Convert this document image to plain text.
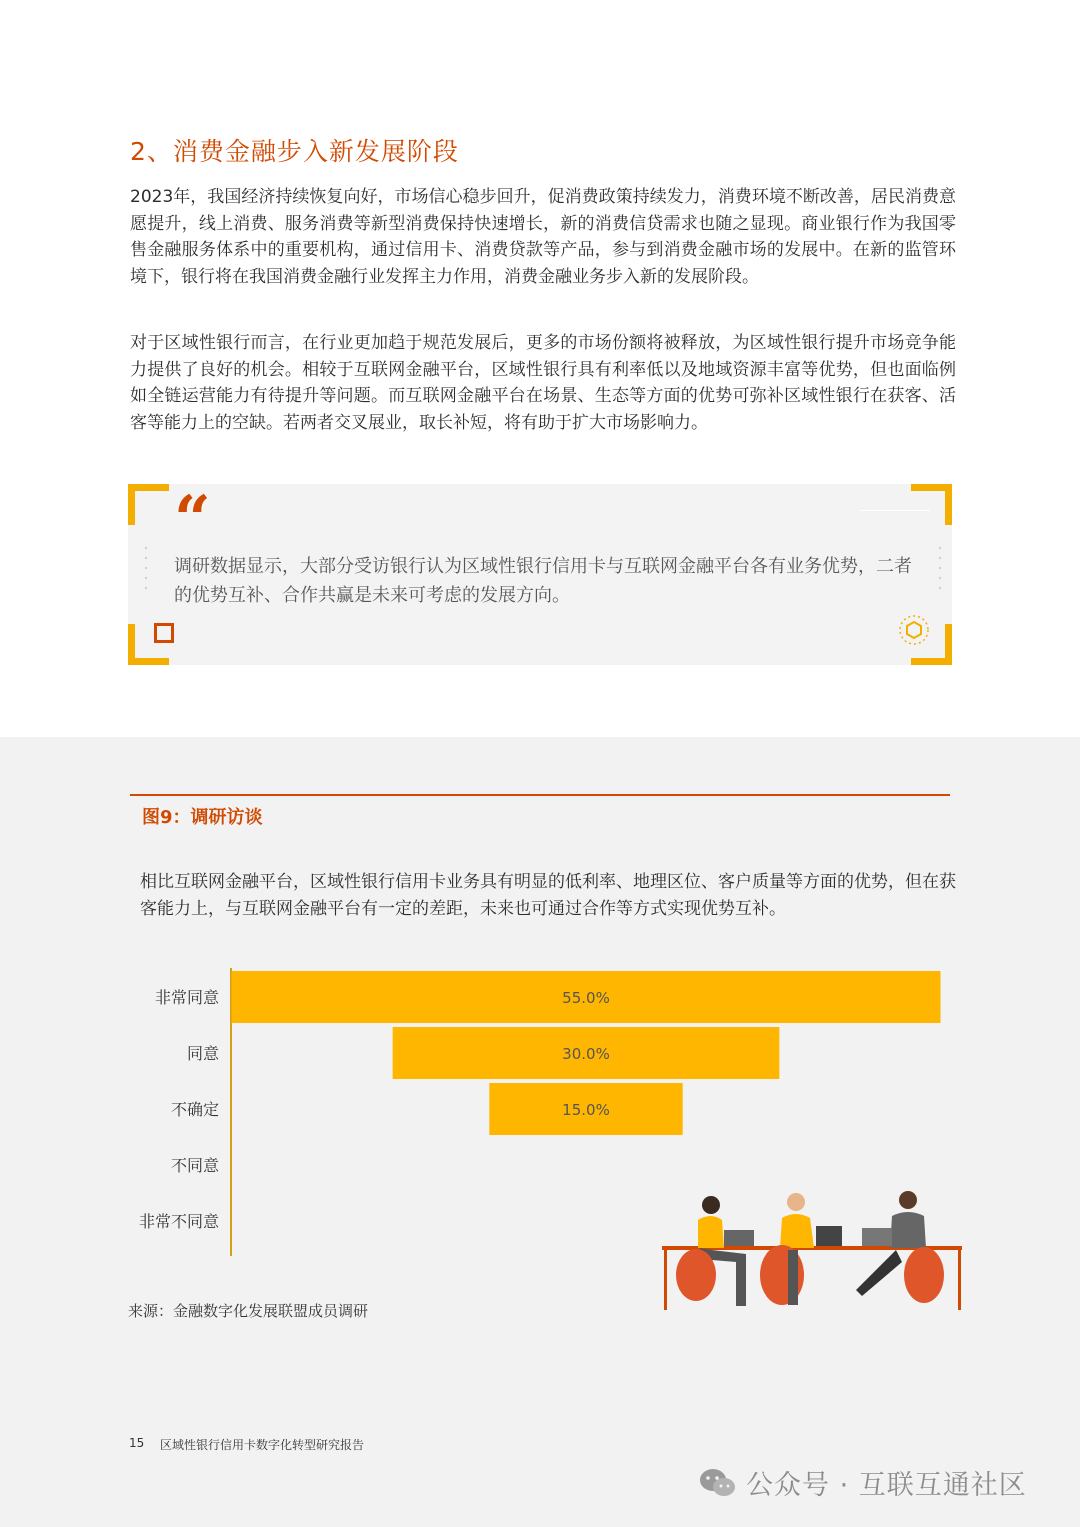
2、消费金融步入新发展阶段

2023年，我国经济持续恢复向好，市场信心稳步回升，促消费政策持续发力，消费环境不断改善，居民消费意愿提升，线上消费、服务消费等新型消费保持快速增长，新的消费信贷需求也随之显现。商业银行作为我国零售金融服务体系中的重要机构，通过信用卡、消费贷款等产品，参与到消费金融市场的发展中。在新的监管环境下，银行将在我国消费金融行业发挥主力作用，消费金融业务步入新的发展阶段。

对于区域性银行而言，在行业更加趋于规范发展后，更多的市场份额将被释放，为区域性银行提升市场竞争能力提供了良好的机会。相较于互联网金融平台，区域性银行具有利率低以及地域资源丰富等优势，但也面临例如全链运营能力有待提升等问题。而互联网金融平台在场景、生态等方面的优势可弥补区域性银行在获客、活客等能力上的空缺。若两者交叉展业，取长补短，将有助于扩大市场影响力。

“

调研数据显示，大部分受访银行认为区域性银行信用卡与互联网金融平台各有业务优势，二者的优势互补、合作共赢是未来可考虑的发展方向。

图9：调研访谈

相比互联网金融平台，区域性银行信用卡业务具有明显的低利率、地理区位、客户质量等方面的优势，但在获客能力上，与互联网金融平台有一定的差距，未来也可通过合作等方式实现优势互补。

非常同意	55.0%
同意	30.0%
不确定	15.0%
不同意
非常不同意
来源：金融数字化发展联盟成员调研
15 区域性银行信用卡数字化转型研究报告
公众号 · 互联互通社区
